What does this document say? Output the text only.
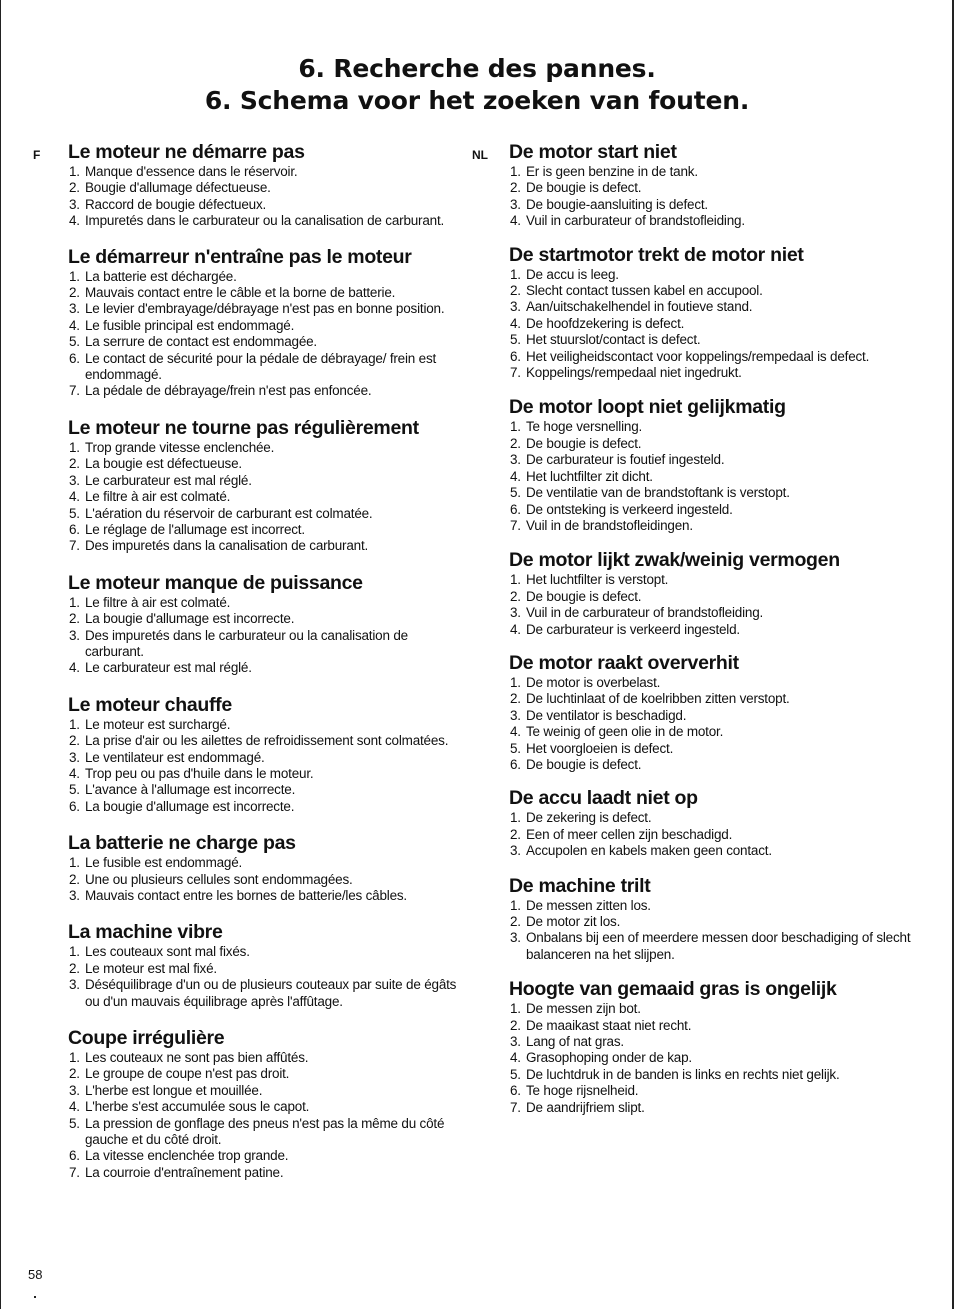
6. Recherche des pannes.
6. Schema voor het zoeken van fouten.
F	NL
Le moteur ne démarre pas
1. Manque d'essence dans le réservoir.
2. Bougie d'allumage défectueuse.
3. Raccord de bougie défectueux.
4. Impuretés dans le carburateur ou la canalisation de carburant.
Le démarreur n'entraîne pas le moteur
1. La batterie est déchargée.
2. Mauvais contact entre le câble et la borne de batterie.
3. Le levier d'embrayage/débrayage n'est pas en bonne position.
4. Le fusible principal est endommagé.
5. La serrure de contact est endommagée.
6. Le contact de sécurité pour la pédale de débrayage/ frein est endommagé.
7. La pédale de débrayage/frein n'est pas enfoncée.
Le moteur ne tourne pas régulièrement
1. Trop grande vitesse enclenchée.
2. La bougie est défectueuse.
3. Le carburateur est mal réglé.
4. Le filtre à air est colmaté.
5. L'aération du réservoir de carburant est colmatée.
6. Le réglage de l'allumage est incorrect.
7. Des impuretés dans la canalisation de carburant.
Le moteur manque de puissance
1. Le filtre à air est colmaté.
2. La bougie d'allumage est incorrecte.
3. Des impuretés dans le carburateur ou la canalisation de carburant.
4. Le carburateur est mal réglé.
Le moteur chauffe
1. Le moteur est surchargé.
2. La prise d'air ou les ailettes de refroidissement sont colmatées.
3. Le ventilateur est endommagé.
4. Trop peu ou pas d'huile dans le moteur.
5. L'avance à l'allumage est incorrecte.
6. La bougie d'allumage est incorrecte.
La batterie ne charge pas
1. Le fusible est endommagé.
2. Une ou plusieurs cellules sont endommagées.
3. Mauvais contact entre les bornes de batterie/les câbles.
La machine vibre
1. Les couteaux sont mal fixés.
2. Le moteur est mal fixé.
3. Déséquilibrage d'un ou de plusieurs couteaux par suite de égâts ou d'un mauvais équilibrage après l'affûtage.
Coupe irrégulière
1. Les couteaux ne sont pas bien affûtés.
2. Le groupe de coupe n'est pas droit.
3. L'herbe est longue et mouillée.
4. L'herbe s'est accumulée sous le capot.
5. La pression de gonflage des pneus n'est pas la même du côté gauche et du côté droit.
6. La vitesse enclenchée trop grande.
7. La courroie d'entraînement patine.
De motor start niet
1. Er is geen benzine in de tank.
2. De bougie is defect.
3. De bougie-aansluiting is defect.
4. Vuil in carburateur of brandstofleiding.
De startmotor trekt de motor niet
1. De accu is leeg.
2. Slecht contact tussen kabel en accupool.
3. Aan/uitschakelhendel in foutieve stand.
4. De hoofdzekering is defect.
5. Het stuurslot/contact is defect.
6. Het veiligheidscontact voor koppelings/rempedaal is defect.
7. Koppelings/rempedaal niet ingedrukt.
De motor loopt niet gelijkmatig
1. Te hoge versnelling.
2. De bougie is defect.
3. De carburateur is foutief ingesteld.
4. Het luchtfilter zit dicht.
5. De ventilatie van de brandstoftank is verstopt.
6. De ontsteking is verkeerd ingesteld.
7. Vuil in de brandstofleidingen.
De motor lijkt zwak/weinig vermogen
1. Het luchtfilter is verstopt.
2. De bougie is defect.
3. Vuil in de carburateur of brandstofleiding.
4. De carburateur is verkeerd ingesteld.
De motor raakt oververhit
1. De motor is overbelast.
2. De luchtinlaat of de koelribben zitten verstopt.
3. De ventilator is beschadigd.
4. Te weinig of geen olie in de motor.
5. Het voorgloeien is defect.
6. De bougie is defect.
De accu laadt niet op
1. De zekering is defect.
2. Een of meer cellen zijn beschadigd.
3. Accupolen en kabels maken geen contact.
De machine trilt
1. De messen zitten los.
2. De motor zit los.
3. Onbalans bij een of meerdere messen door beschadiging of slecht balanceren na het slijpen.
Hoogte van gemaaid gras is ongelijk
1. De messen zijn bot.
2. De maaikast staat niet recht.
3. Lang of nat gras.
4. Grasophoping onder de kap.
5. De luchtdruk in de banden is links en rechts niet gelijk.
6. Te hoge rijsnelheid.
7. De aandrijfriem slipt.
58
